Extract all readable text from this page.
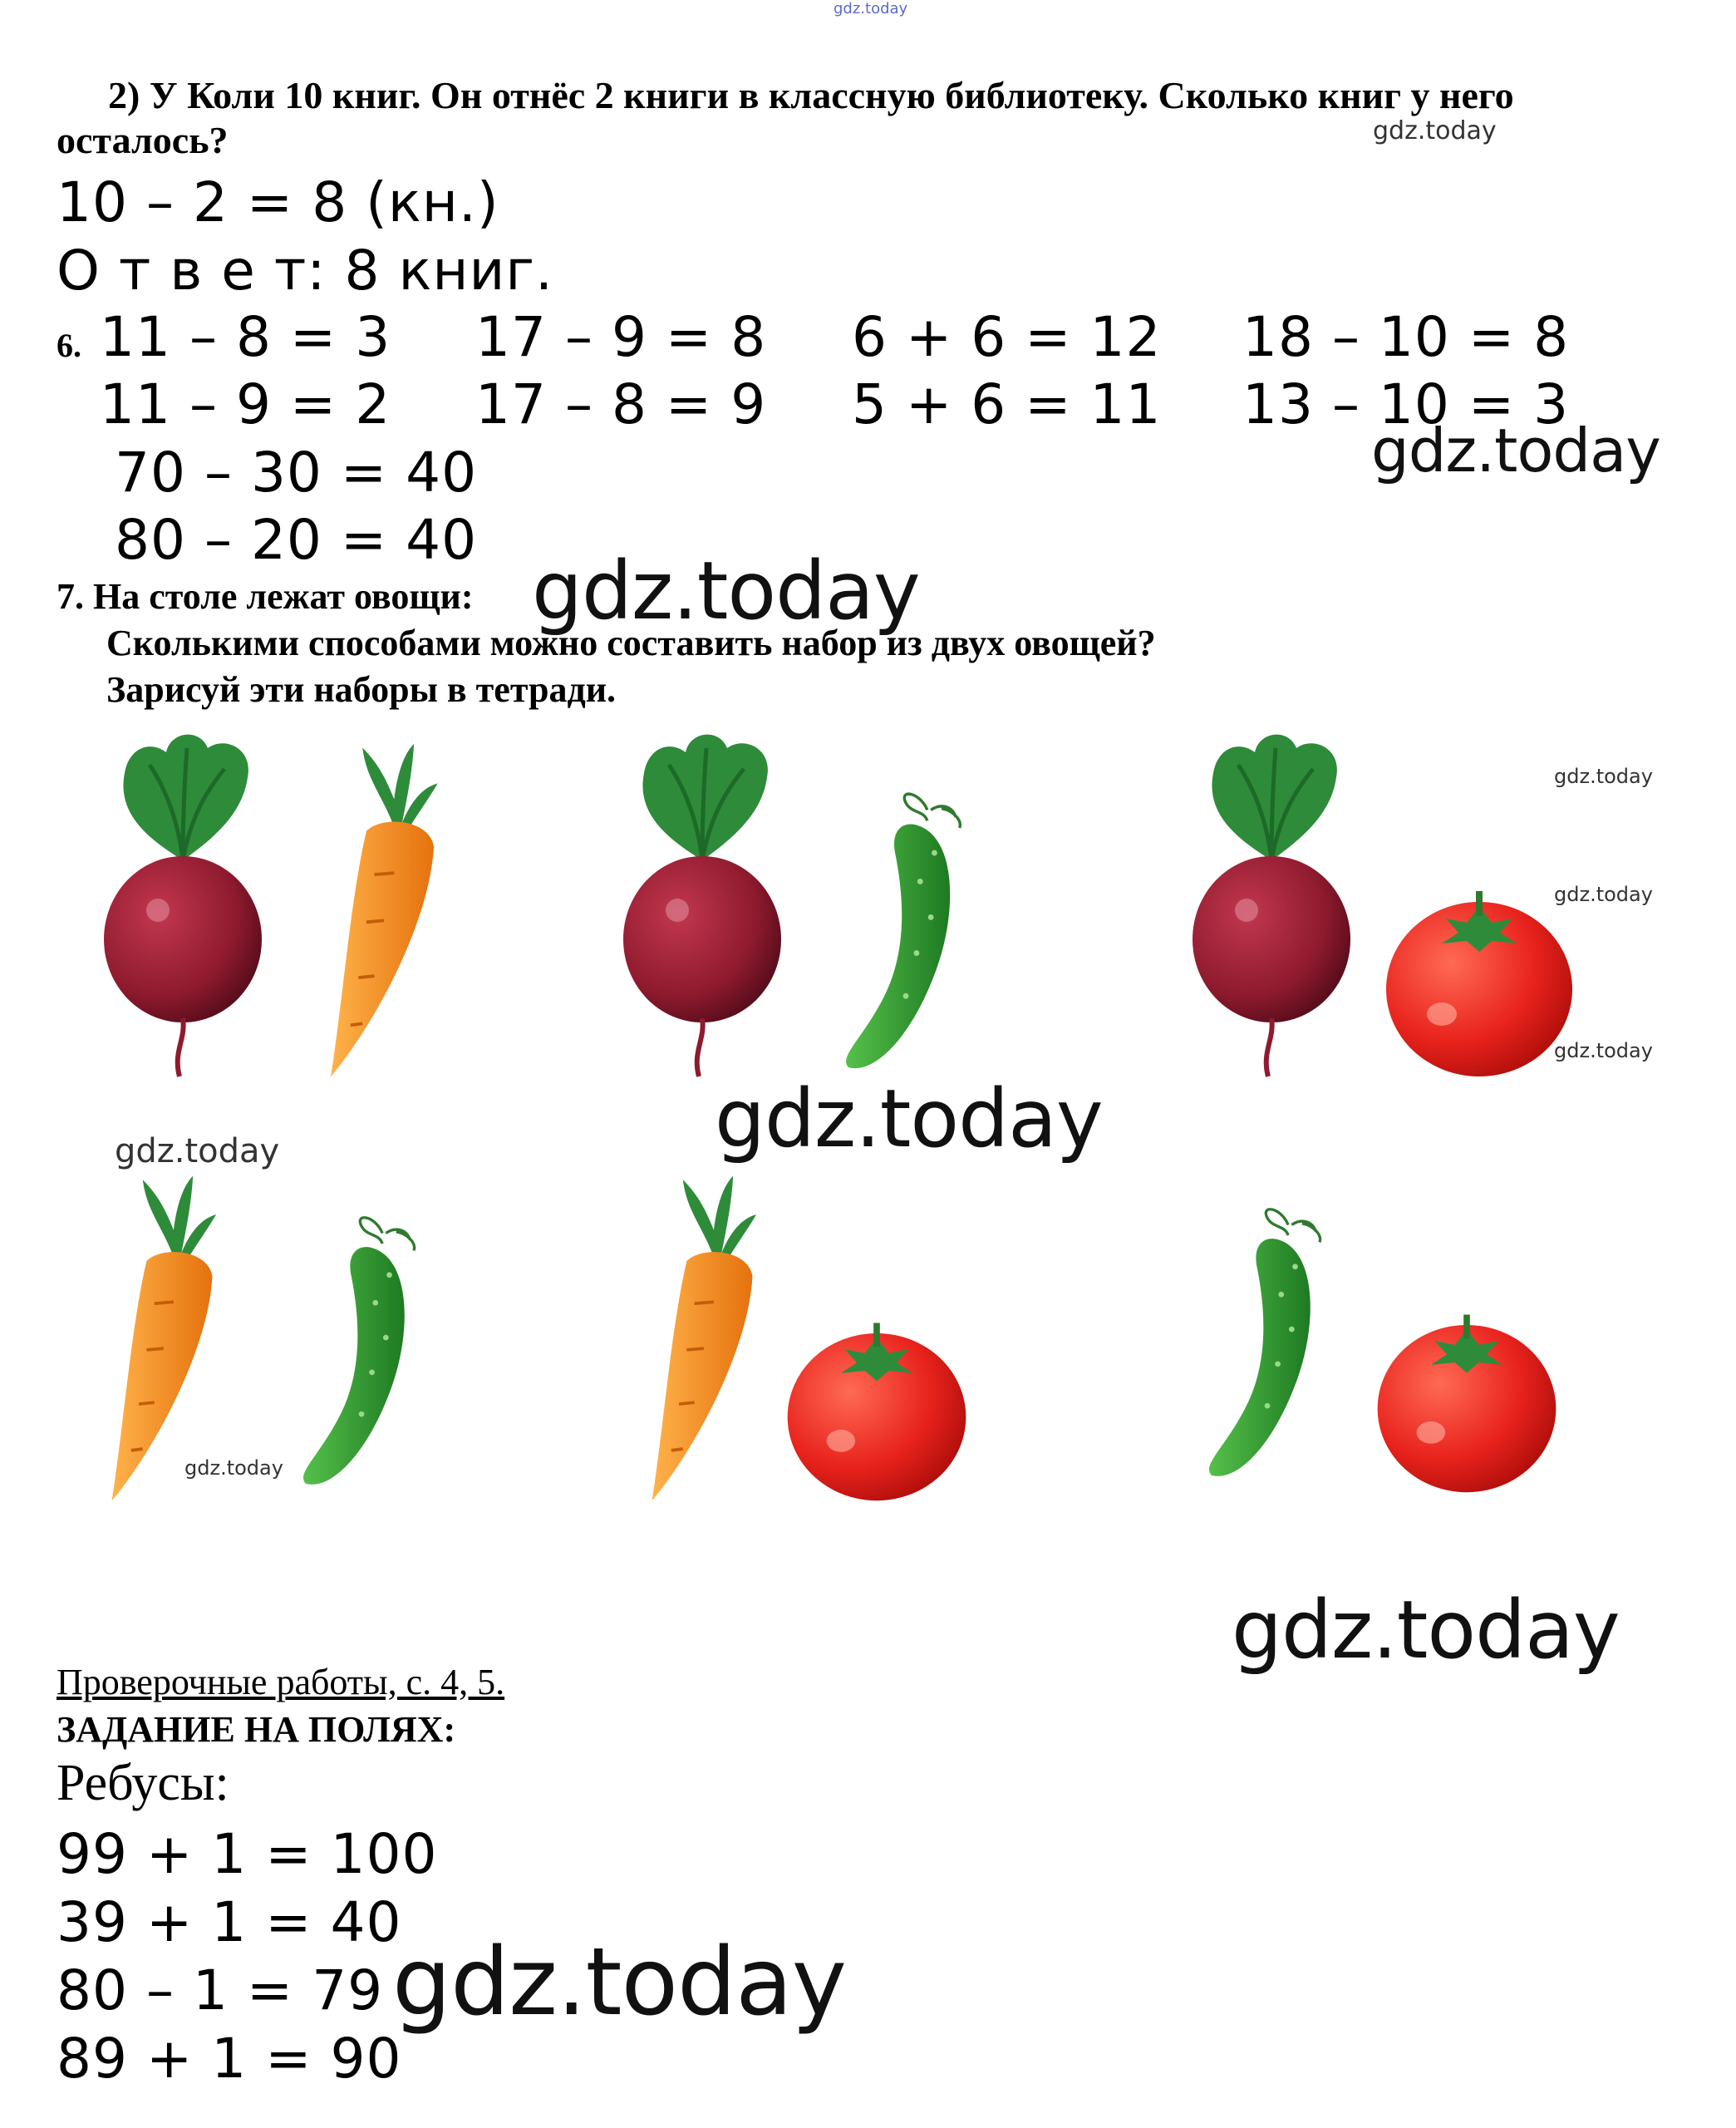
gdz.today
2) У Коли 10 книг. Он отнёс 2 книги в классную библиотеку. Сколько книг у него
осталось?	gdz.today
10 – 2 = 8 (кн.)
О т в е т: 8 книг.
6. 11 – 8 = 3 17 – 9 = 8 6 + 6 = 12 18 – 10 = 8
11 – 9 = 2 17 – 8 = 9 5 + 6 = 11 13 – 10 = 3
gdz.today
70 – 30 = 40
80 – 20 = 40
7. На столе лежат овощи: gdz.today
Сколькими способами можно составить набор из двух овощей?
Зарисуй эти наборы в тетради.
gdz.today
gdz.today
gdz.today
gdz.today
gdz.today
gdz.today
gdz.today
Проверочные работы, с. 4, 5.
ЗАДАНИЕ НА ПОЛЯХ:
Ребусы:
99 + 1 = 100
39 + 1 = 40
80 – 1 = 79 gdz.today
89 + 1 = 90
